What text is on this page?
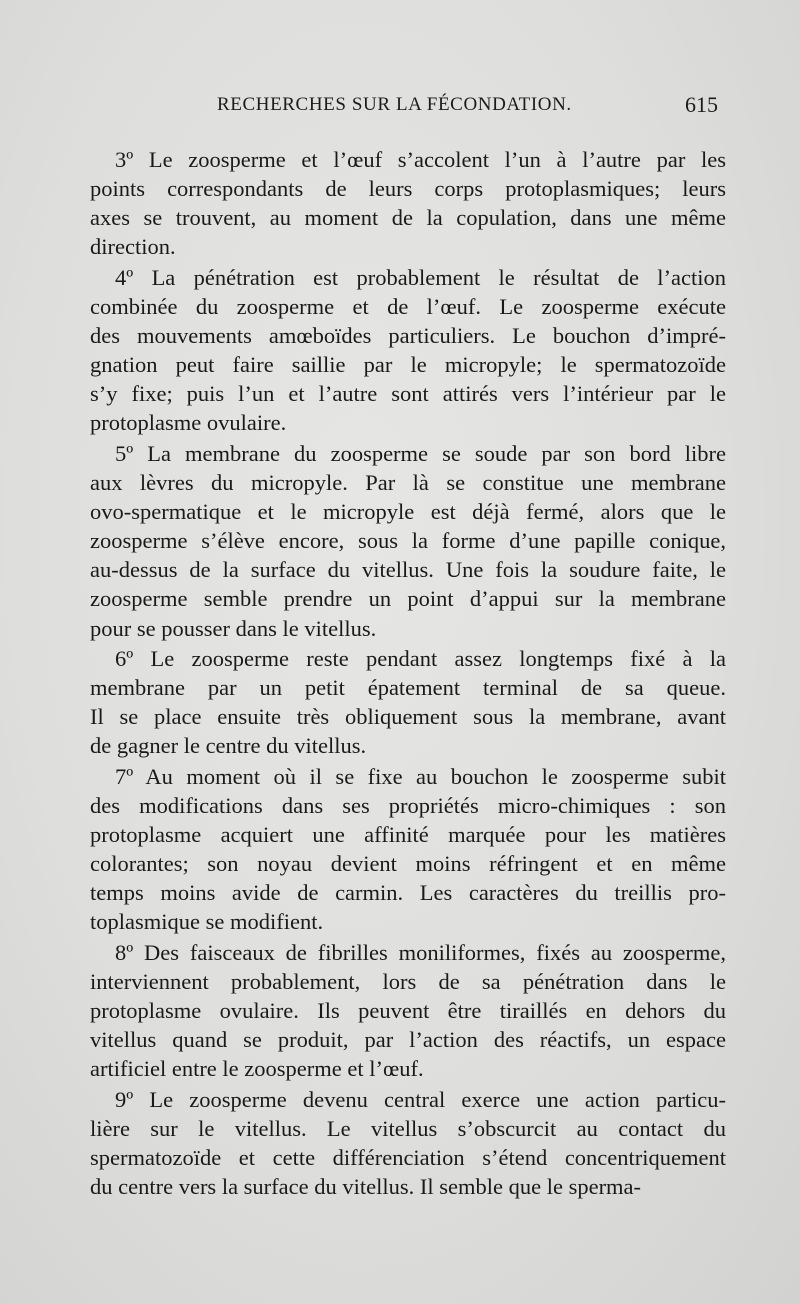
RECHERCHES SUR LA FÉCONDATION.	615
3º Le zoosperme et l’œuf s’accolent l’un à l’autre par les
points correspondants de leurs corps protoplasmiques; leurs
axes se trouvent, au moment de la copulation, dans une même
direction.
4º La pénétration est probablement le résultat de l’action
combinée du zoosperme et de l’œuf. Le zoosperme exécute
des mouvements amœboïdes particuliers. Le bouchon d’impré-
gnation peut faire saillie par le micropyle; le spermatozoïde
s’y fixe; puis l’un et l’autre sont attirés vers l’intérieur par le
protoplasme ovulaire.
5º La membrane du zoosperme se soude par son bord libre
aux lèvres du micropyle. Par là se constitue une membrane
ovo-spermatique et le micropyle est déjà fermé, alors que le
zoosperme s’élève encore, sous la forme d’une papille conique,
au-dessus de la surface du vitellus. Une fois la soudure faite, le
zoosperme semble prendre un point d’appui sur la membrane
pour se pousser dans le vitellus.
6º Le zoosperme reste pendant assez longtemps fixé à la
membrane par un petit épatement terminal de sa queue.
Il se place ensuite très obliquement sous la membrane, avant
de gagner le centre du vitellus.
7º Au moment où il se fixe au bouchon le zoosperme subit
des modifications dans ses propriétés micro-chimiques : son
protoplasme acquiert une affinité marquée pour les matières
colorantes; son noyau devient moins réfringent et en même
temps moins avide de carmin. Les caractères du treillis pro-
toplasmique se modifient.
8º Des faisceaux de fibrilles moniliformes, fixés au zoosperme,
interviennent probablement, lors de sa pénétration dans le
protoplasme ovulaire. Ils peuvent être tiraillés en dehors du
vitellus quand se produit, par l’action des réactifs, un espace
artificiel entre le zoosperme et l’œuf.
9º Le zoosperme devenu central exerce une action particu-
lière sur le vitellus. Le vitellus s’obscurcit au contact du
spermatozoïde et cette différenciation s’étend concentriquement
du centre vers la surface du vitellus. Il semble que le sperma-
